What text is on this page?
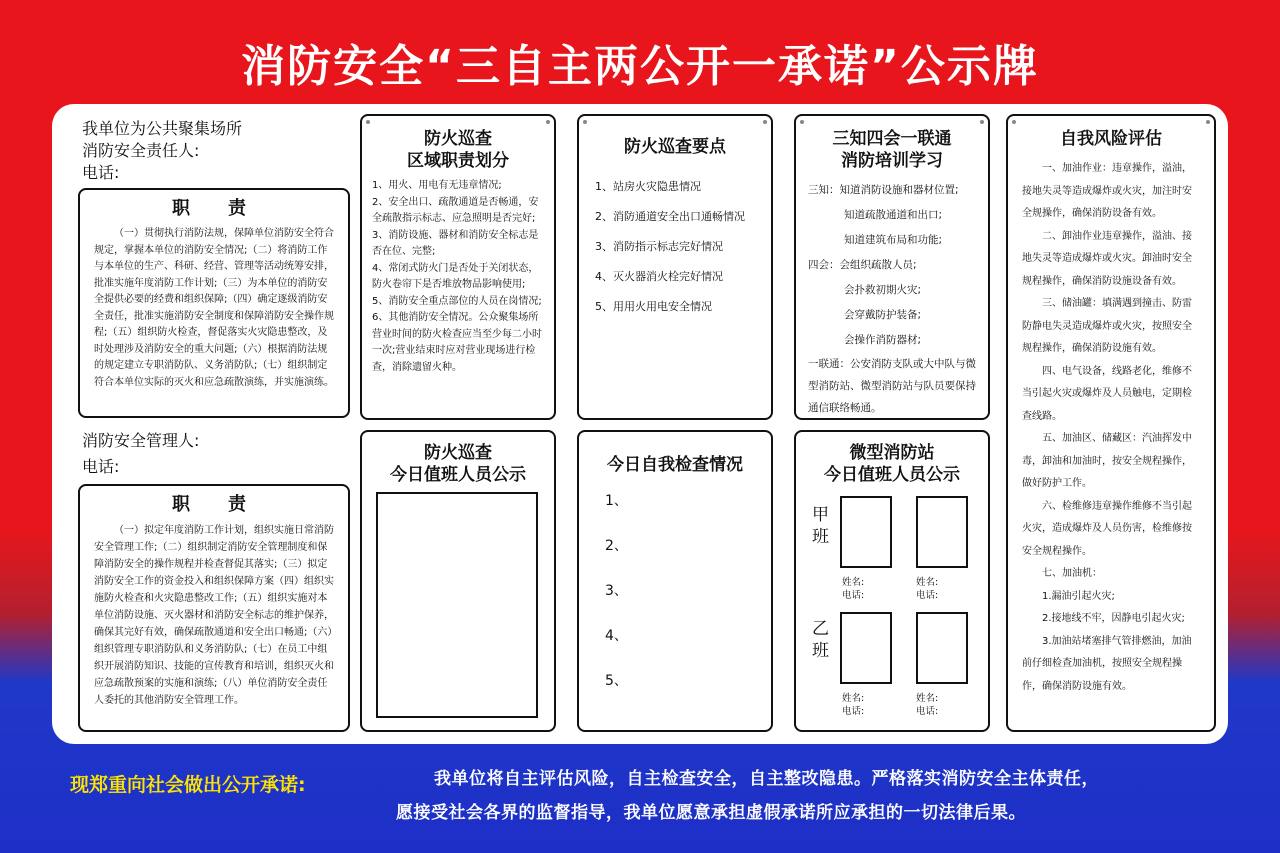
消防安全“三自主两公开一承诺”公示牌
我单位为公共聚集场所
消防安全责任人:
电话:
职　责
（一）贯彻执行消防法规，保障单位消防安全符合规定，掌握本单位的消防安全情况;（二）将消防工作与本单位的生产、科研、经营、管理等活动统筹安排，批准实施年度消防工作计划;（三）为本单位的消防安全提供必要的经费和组织保障;（四）确定逐级消防安全责任，批准实施消防安全制度和保障消防安全操作规程;（五）组织防火检查，督促落实火灾隐患整改，及时处理涉及消防安全的重大问题;（六）根据消防法规的规定建立专职消防队、义务消防队;（七）组织制定符合本单位实际的灭火和应急疏散演练，并实施演练。
消防安全管理人:
电话:
职　责
（一）拟定年度消防工作计划，组织实施日常消防安全管理工作;（二）组织制定消防安全管理制度和保障消防安全的操作规程并检查督促其落实;（三）拟定消防安全工作的资金投入和组织保障方案（四）组织实施防火检查和火灾隐患整改工作;（五）组织实施对本单位消防设施、灭火器材和消防安全标志的维护保养，确保其完好有效，确保疏散通道和安全出口畅通;（六）组织管理专职消防队和义务消防队;（七）在员工中组织开展消防知识、技能的宣传教育和培训，组织灭火和应急疏散预案的实施和演练;（八）单位消防安全责任人委托的其他消防安全管理工作。
防火巡查
区域职责划分
1、用火、用电有无违章情况;
2、安全出口、疏散通道是否畅通，安全疏散指示标志、应急照明是否完好;
3、消防设施、器材和消防安全标志是否在位、完整;
4、常闭式防火门是否处于关闭状态，防火卷帘下是否堆放物品影响使用;
5、消防安全重点部位的人员在岗情况;
6、其他消防安全情况。公众聚集场所营业时间的防火检查应当至少每二小时一次;营业结束时应对营业现场进行检查，消除遗留火种。
防火巡查要点
1、站房火灾隐患情况
2、消防通道安全出口通畅情况
3、消防指示标志完好情况
4、灭火器消火栓完好情况
5、用用火用电安全情况
三知四会一联通
消防培训学习
三知：知道消防设施和器材位置;
知道疏散通道和出口;
知道建筑布局和功能;
四会：会组织疏散人员;
会扑救初期火灾;
会穿戴防护装备;
会操作消防器材;
一联通：公安消防支队或大中队与微型消防站、微型消防站与队员要保持通信联络畅通。
自我风险评估
一、加油作业：违章操作，溢油，接地失灵等造成爆炸或火灾，加注时安全规操作，确保消防设备有效。
二、卸油作业违章操作，溢油、接地失灵等造成爆炸或火灾。卸油时安全规程操作，确保消防设施设备有效。
三、储油罐：填满遇到撞击、防雷防静电失灵造成爆炸或火灾，按照安全规程操作，确保消防设施有效。
四、电气设备，线路老化，维修不当引起火灾或爆炸及人员触电，定期检查线路。
五、加油区、储藏区：汽油挥发中毒，卸油和加油时，按安全规程操作，做好防护工作。
六、检维修违章操作维修不当引起火灾，造成爆炸及人员伤害，检维修按安全规程操作。
七、加油机：
1.漏油引起火灾;
2.接地线不牢，因静电引起火灾;
3.加油站堵塞排气管排燃油，加油前仔细检查加油机，按照安全规程操作，确保消防设施有效。
防火巡查
今日值班人员公示	今日自我检查情况
1、
2、
3、
4、
5、
微型消防站
今日值班人员公示
甲班
姓名:
电话:
姓名:
电话:
乙班
姓名:
电话:
姓名:
电话:
现郑重向社会做出公开承诺:	我单位将自主评估风险，自主检查安全，自主整改隐患。严格落实消防安全主体责任，
愿接受社会各界的监督指导，我单位愿意承担虚假承诺所应承担的一切法律后果。
